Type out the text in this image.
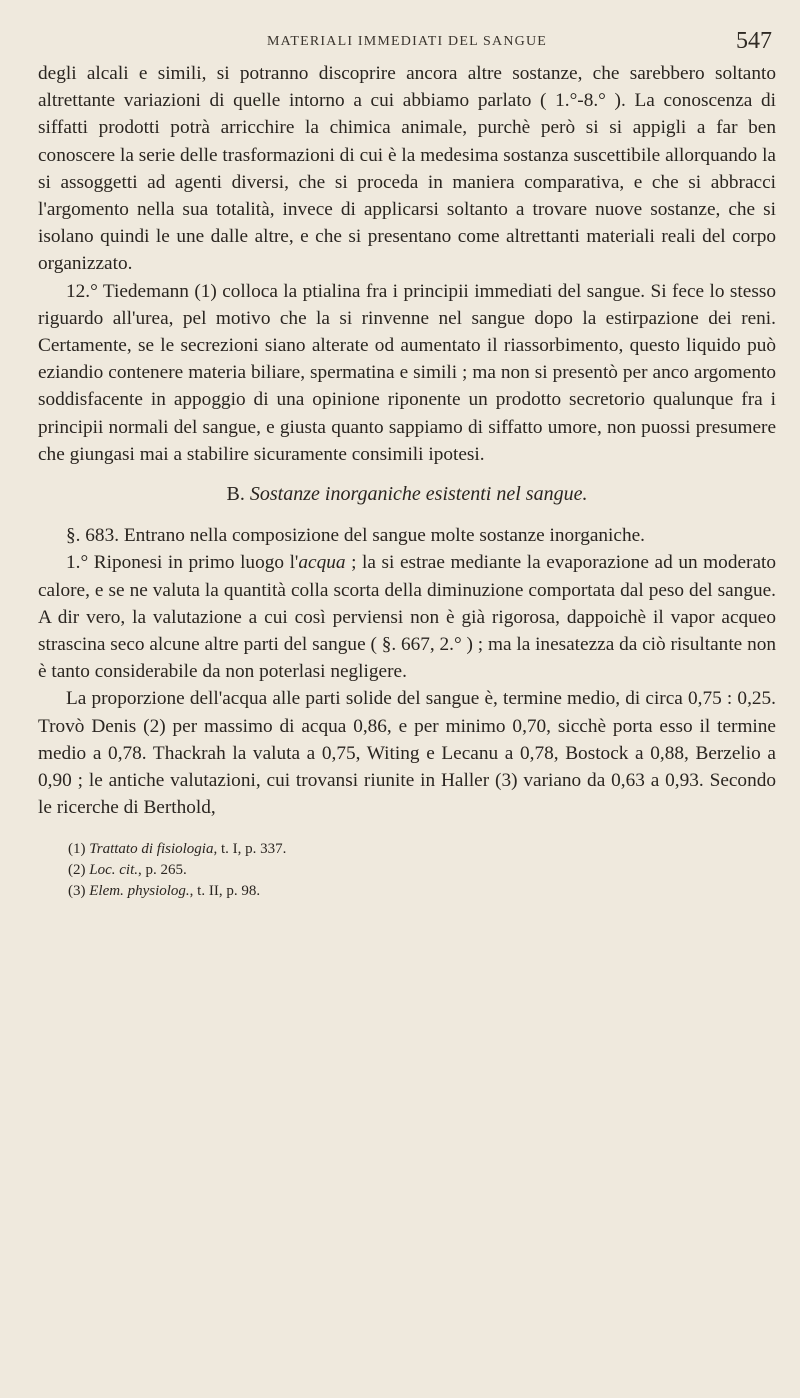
MATERIALI IMMEDIATI DEL SANGUE	547

degli alcali e simili, si potranno discoprire ancora altre sostanze, che sarebbero soltanto altrettante variazioni di quelle intorno a cui abbiamo parlato ( 1.°-8.° ). La conoscenza di siffatti prodotti potrà arricchire la chimica animale, purchè però si si appigli a far ben conoscere la serie delle trasformazioni di cui è la medesima sostanza suscettibile allorquando la si assoggetti ad agenti diversi, che si proceda in maniera comparativa, e che si abbracci l'argomento nella sua totalità, invece di applicarsi soltanto a trovare nuove sostanze, che si isolano quindi le une dalle altre, e che si presentano come altrettanti materiali reali del corpo organizzato.

12.° Tiedemann (1) colloca la ptialina fra i principii immediati del sangue. Si fece lo stesso riguardo all'urea, pel motivo che la si rinvenne nel sangue dopo la estirpazione dei reni. Certamente, se le secrezioni siano alterate od aumentato il riassorbimento, questo liquido può eziandio contenere materia biliare, spermatina e simili ; ma non si presentò per anco argomento soddisfacente in appoggio di una opinione riponente un prodotto secretorio qualunque fra i principii normali del sangue, e giusta quanto sappiamo di siffatto umore, non puossi presumere che giungasi mai a stabilire sicuramente consimili ipotesi.

B. Sostanze inorganiche esistenti nel sangue.

§. 683. Entrano nella composizione del sangue molte sostanze inorganiche.

1.° Riponesi in primo luogo l'acqua ; la si estrae mediante la evaporazione ad un moderato calore, e se ne valuta la quantità colla scorta della diminuzione comportata dal peso del sangue. A dir vero, la valutazione a cui così perviensi non è già rigorosa, dappoichè il vapor acqueo strascina seco alcune altre parti del sangue ( §. 667, 2.° ) ; ma la inesatezza da ciò risultante non è tanto considerabile da non poterlasi negligere.

La proporzione dell'acqua alle parti solide del sangue è, termine medio, di circa 0,75 : 0,25. Trovò Denis (2) per massimo di acqua 0,86, e per minimo 0,70, sicchè porta esso il termine medio a 0,78. Thackrah la valuta a 0,75, Witing e Lecanu a 0,78, Bostock a 0,88, Berzelio a 0,90 ; le antiche valutazioni, cui trovansi riunite in Haller (3) variano da 0,63 a 0,93. Secondo le ricerche di Berthold,

(1) Trattato di fisiologia, t. I, p. 337.
(2) Loc. cit., p. 265.
(3) Elem. physiolog., t. II, p. 98.
